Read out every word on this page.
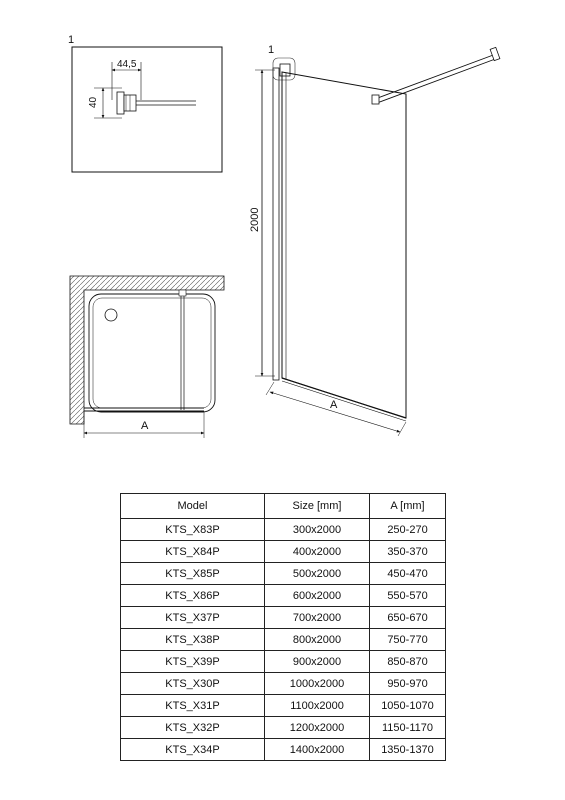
1
44,5
40
2000
1
A
A
Model	Size [mm]	A [mm]
KTS_X83P	300x2000	250-270
KTS_X84P	400x2000	350-370
KTS_X85P	500x2000	450-470
KTS_X86P	600x2000	550-570
KTS_X37P	700x2000	650-670
KTS_X38P	800x2000	750-770
KTS_X39P	900x2000	850-870
KTS_X30P	1000x2000	950-970
KTS_X31P	1100x2000	1050-1070
KTS_X32P	1200x2000	1150-1170
KTS_X34P	1400x2000	1350-1370
